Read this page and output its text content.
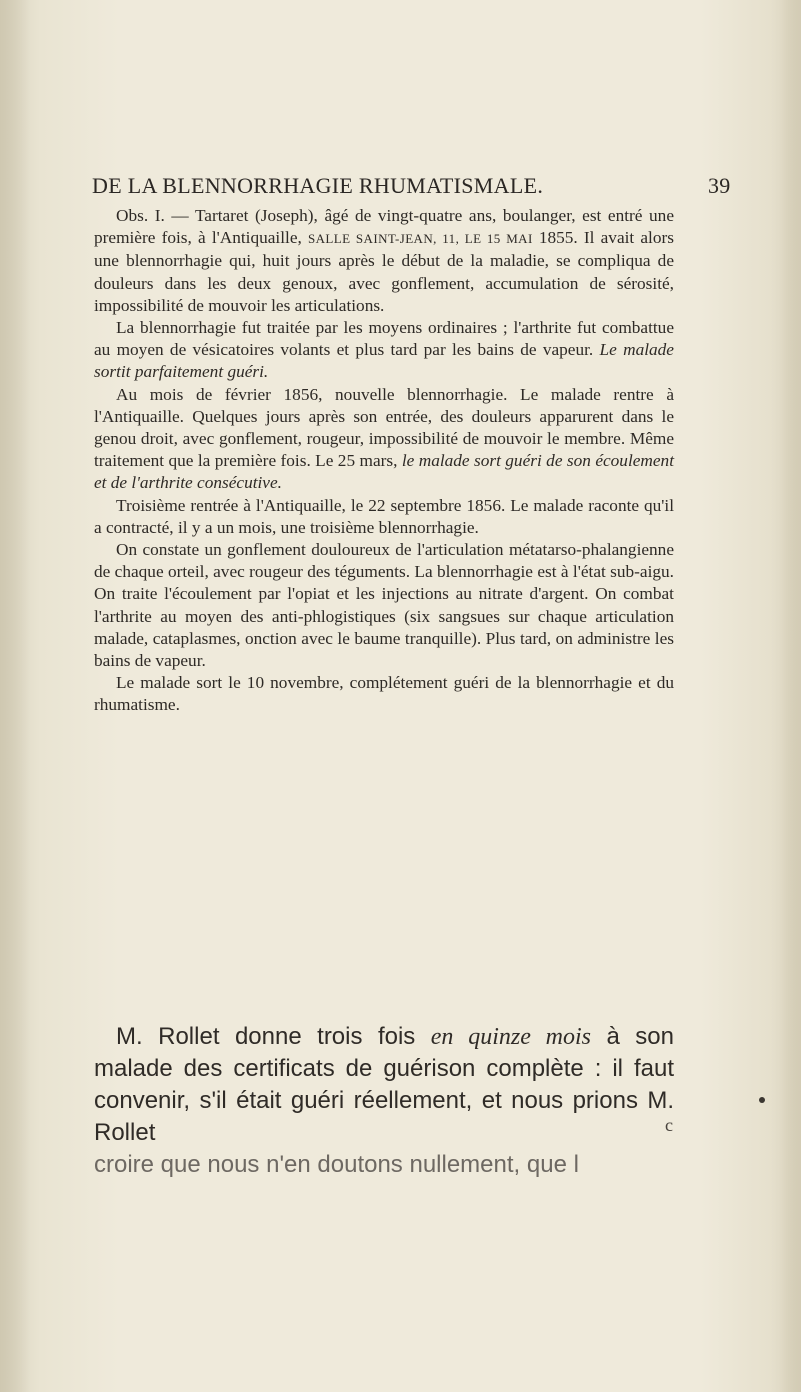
DE LA BLENNORRHAGIE RHUMATISMALE.	39

Obs. I. — Tartaret (Joseph), âgé de vingt-quatre ans, boulanger, est entré une première fois, à l'Antiquaille, SALLE SAINT-JEAN, 11, LE 15 MAI 1855. Il avait alors une blennorrhagie qui, huit jours après le début de la maladie, se compliqua de douleurs dans les deux genoux, avec gonflement, accumulation de sérosité, impossibilité de mouvoir les articulations.

La blennorrhagie fut traitée par les moyens ordinaires ; l'arthrite fut combattue au moyen de vésicatoires volants et plus tard par les bains de vapeur. Le malade sortit parfaitement guéri.

Au mois de février 1856, nouvelle blennorrhagie. Le malade rentre à l'Antiquaille. Quelques jours après son entrée, des douleurs apparurent dans le genou droit, avec gonflement, rougeur, impossibilité de mouvoir le membre. Même traitement que la première fois. Le 25 mars, le malade sort guéri de son écoulement et de l'arthrite consécutive.

Troisième rentrée à l'Antiquaille, le 22 septembre 1856. Le malade raconte qu'il a contracté, il y a un mois, une troisième blennorrhagie.

On constate un gonflement douloureux de l'articulation métatarso-phalangienne de chaque orteil, avec rougeur des téguments. La blennorrhagie est à l'état sub-aigu. On traite l'écoulement par l'opiat et les injections au nitrate d'argent. On combat l'arthrite au moyen des anti-phlogistiques (six sangsues sur chaque articulation malade, cataplasmes, onction avec le baume tranquille). Plus tard, on administre les bains de vapeur.

Le malade sort le 10 novembre, complétement guéri de la blennorrhagie et du rhumatisme.

M. Rollet donne trois fois en quinze mois à son malade des certificats de guérison complète : il faut convenir, s'il était guéri réellement, et nous prions M. Rollet
croire que nous n'en doutons nullement, que l

c
